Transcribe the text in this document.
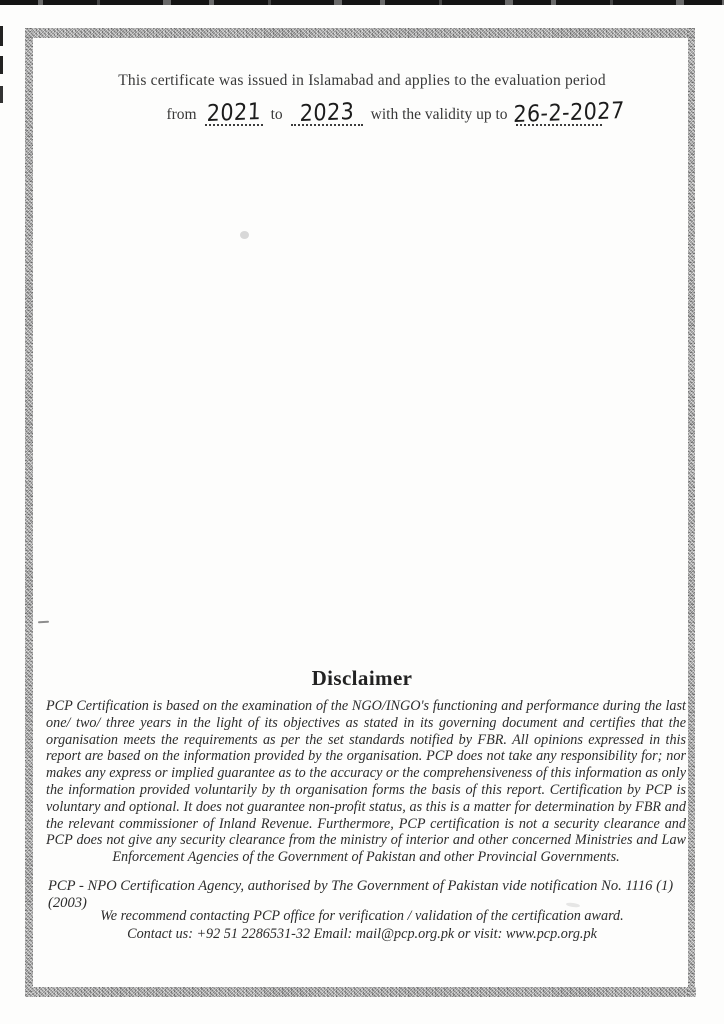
This certificate was issued in Islamabad and applies to the evaluation period

from 2021 to 2023 with the validity up to 26-2-2027
Disclaimer

PCP Certification is based on the examination of the NGO/INGO's functioning and performance during the last one/ two/ three years in the light of its objectives as stated in its governing document and certifies that the organisation meets the requirements as per the set standards notified by FBR. All opinions expressed in this report are based on the information provided by the organisation. PCP does not take any responsibility for; nor makes any express or implied guarantee as to the accuracy or the comprehensiveness of this information as only the information provided voluntarily by th organisation forms the basis of this report. Certification by PCP is voluntary and optional. It does not guarantee non-profit status, as this is a matter for determination by FBR and the relevant commissioner of Inland Revenue. Furthermore, PCP certification is not a security clearance and PCP does not give any security clearance from the ministry of interior and other concerned Ministries and Law Enforcement Agencies of the Government of Pakistan and other Provincial Governments.

PCP - NPO Certification Agency, authorised by The Government of Pakistan vide notification No. 1116 (1)(2003)

We recommend contacting PCP office for verification / validation of the certification award.

Contact us: +92 51 2286531-32 Email: mail@pcp.org.pk or visit: www.pcp.org.pk
